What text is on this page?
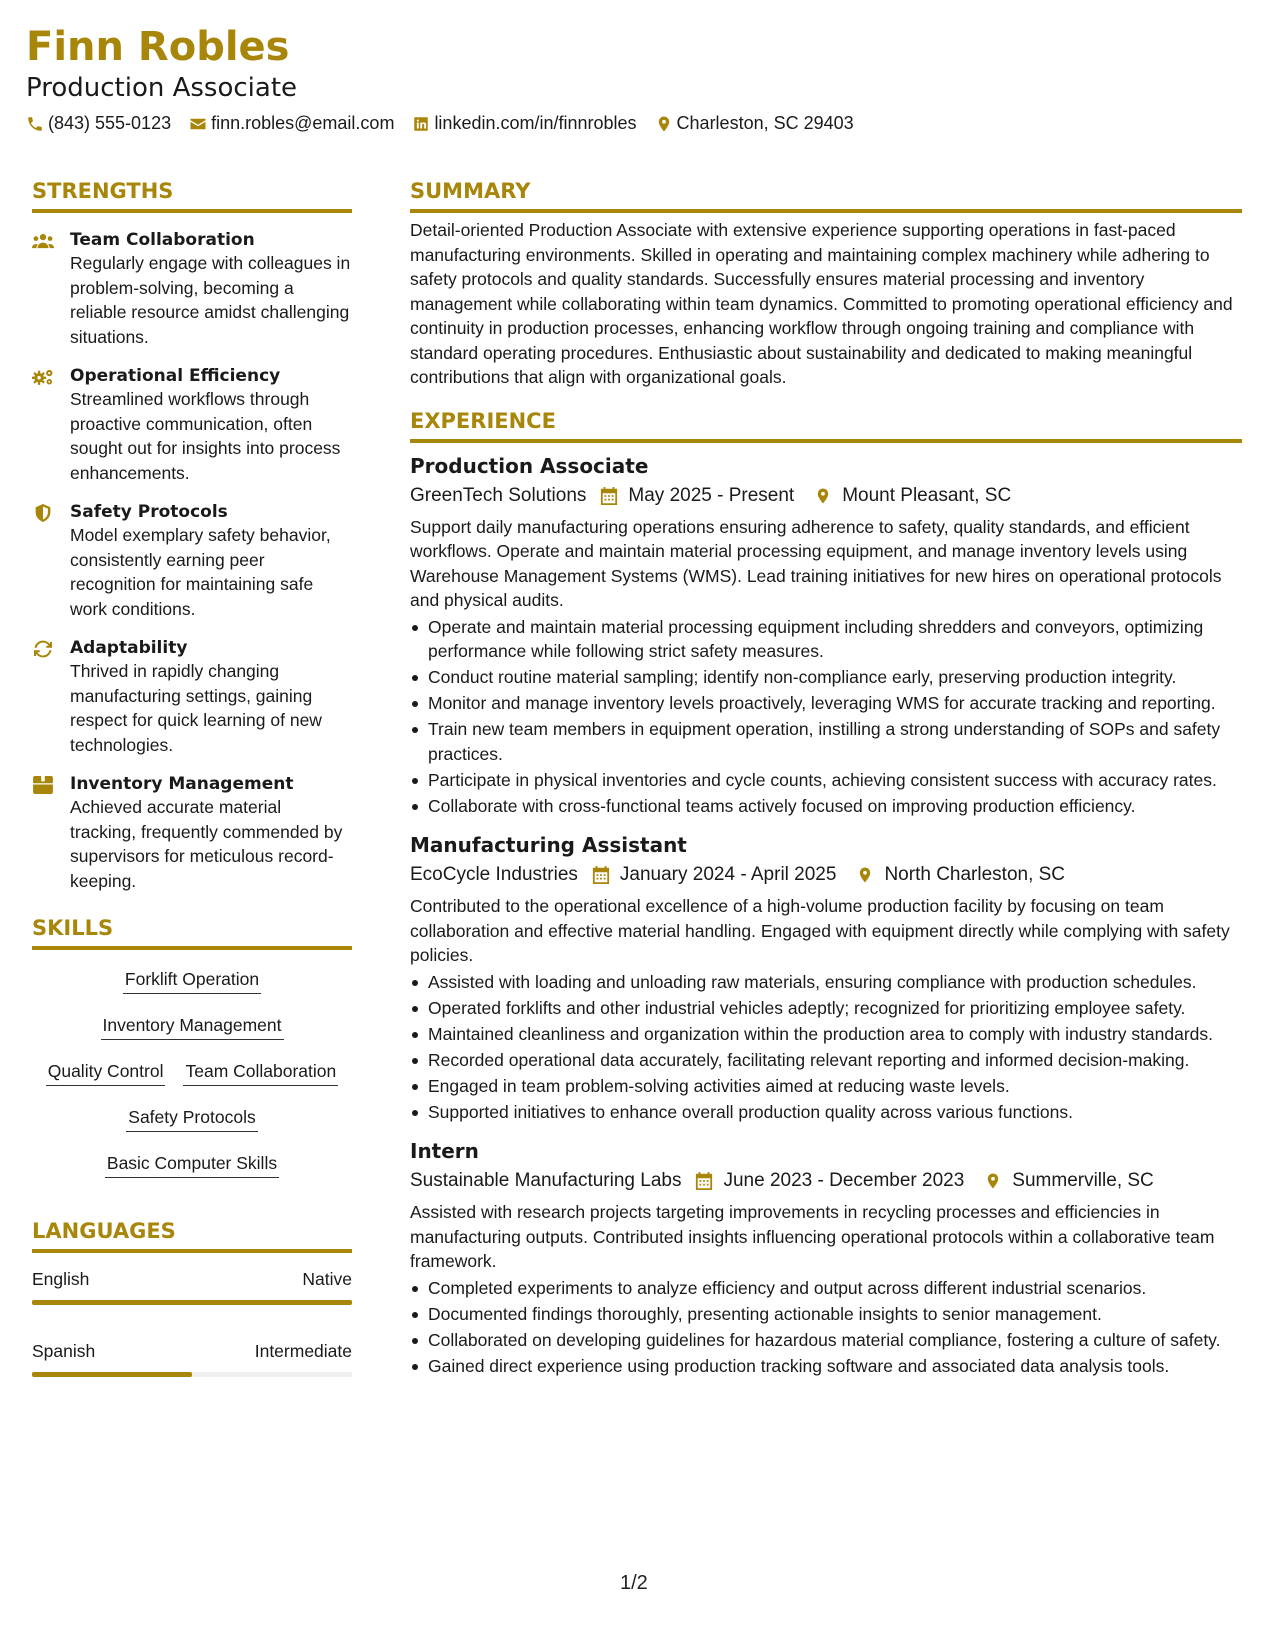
Finn Robles
Production Associate
(843) 555-0123 finn.robles@email.com linkedin.com/in/finnrobles Charleston, SC 29403
STRENGTHS
Team Collaboration
Regularly engage with colleagues in problem-solving, becoming a reliable resource amidst challenging situations.
Operational Efficiency
Streamlined workflows through proactive communication, often sought out for insights into process enhancements.
Safety Protocols
Model exemplary safety behavior, consistently earning peer recognition for maintaining safe work conditions.
Adaptability
Thrived in rapidly changing manufacturing settings, gaining respect for quick learning of new technologies.
Inventory Management
Achieved accurate material tracking, frequently commended by supervisors for meticulous record-keeping.
SKILLS
Forklift Operation
Inventory Management
Quality Control Team Collaboration
Safety Protocols
Basic Computer Skills
LANGUAGES
English	Native
Spanish	Intermediate
SUMMARY
Detail-oriented Production Associate with extensive experience supporting operations in fast-paced manufacturing environments. Skilled in operating and maintaining complex machinery while adhering to safety protocols and quality standards. Successfully ensures material processing and inventory management while collaborating within team dynamics. Committed to promoting operational efficiency and continuity in production processes, enhancing workflow through ongoing training and compliance with standard operating procedures. Enthusiastic about sustainability and dedicated to making meaningful contributions that align with organizational goals.
EXPERIENCE
Production Associate
GreenTech Solutions May 2025 - Present	Mount Pleasant, SC
Support daily manufacturing operations ensuring adherence to safety, quality standards, and efficient workflows. Operate and maintain material processing equipment, and manage inventory levels using Warehouse Management Systems (WMS). Lead training initiatives for new hires on operational protocols and physical audits.
Operate and maintain material processing equipment including shredders and conveyors, optimizing performance while following strict safety measures.
Conduct routine material sampling; identify non-compliance early, preserving production integrity.
Monitor and manage inventory levels proactively, leveraging WMS for accurate tracking and reporting.
Train new team members in equipment operation, instilling a strong understanding of SOPs and safety practices.
Participate in physical inventories and cycle counts, achieving consistent success with accuracy rates.
Collaborate with cross-functional teams actively focused on improving production efficiency.
Manufacturing Assistant
EcoCycle Industries January 2024 - April 2025	North Charleston, SC
Contributed to the operational excellence of a high-volume production facility by focusing on team collaboration and effective material handling. Engaged with equipment directly while complying with safety policies.
Assisted with loading and unloading raw materials, ensuring compliance with production schedules.
Operated forklifts and other industrial vehicles adeptly; recognized for prioritizing employee safety.
Maintained cleanliness and organization within the production area to comply with industry standards.
Recorded operational data accurately, facilitating relevant reporting and informed decision-making.
Engaged in team problem-solving activities aimed at reducing waste levels.
Supported initiatives to enhance overall production quality across various functions.
Intern
Sustainable Manufacturing Labs June 2023 - December 2023	Summerville, SC
Assisted with research projects targeting improvements in recycling processes and efficiencies in manufacturing outputs. Contributed insights influencing operational protocols within a collaborative team framework.
Completed experiments to analyze efficiency and output across different industrial scenarios.
Documented findings thoroughly, presenting actionable insights to senior management.
Collaborated on developing guidelines for hazardous material compliance, fostering a culture of safety.
Gained direct experience using production tracking software and associated data analysis tools.
1/2
